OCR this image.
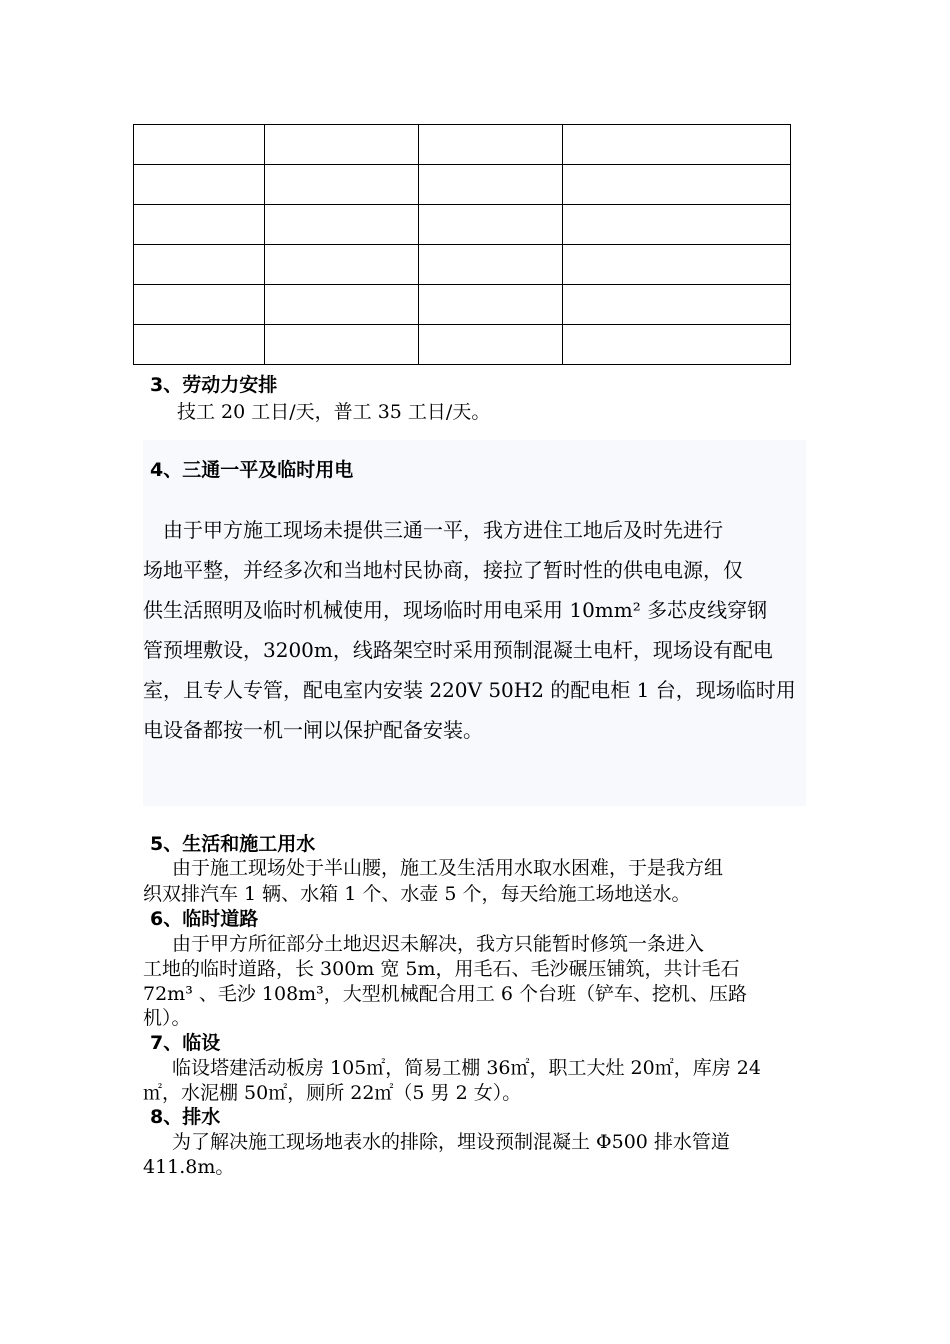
3、劳动力安排
技工 20 工日/天，普工 35 工日/天。
4、三通一平及临时用电
　由于甲方施工现场未提供三通一平，我方进住工地后及时先进行
场地平整，并经多次和当地村民协商，接拉了暂时性的供电电源，仅
供生活照明及临时机械使用，现场临时用电采用 10mm² 多芯皮线穿钢
管预埋敷设，3200m，线路架空时采用预制混凝土电杆，现场设有配电
室，且专人专管，配电室内安装 220V 50H2 的配电柜 1 台，现场临时用
电设备都按一机一闸以保护配备安装。
5、生活和施工用水
由于施工现场处于半山腰，施工及生活用水取水困难，于是我方组
织双排汽车 1 辆、水箱 1 个、水壶 5 个，每天给施工场地送水。
6、临时道路
由于甲方所征部分土地迟迟未解决，我方只能暂时修筑一条进入
工地的临时道路，长 300m 宽 5m，用毛石、毛沙碾压铺筑，共计毛石
72m³ 、毛沙 108m³，大型机械配合用工 6 个台班（铲车、挖机、压路
机）。
7、临设
临设塔建活动板房 105㎡，简易工棚 36㎡，职工大灶 20㎡，库房 24
㎡，水泥棚 50㎡，厕所 22㎡（5 男 2 女）。
8、排水
为了解决施工现场地表水的排除，埋设预制混凝土 Φ500 排水管道
411.8m。
